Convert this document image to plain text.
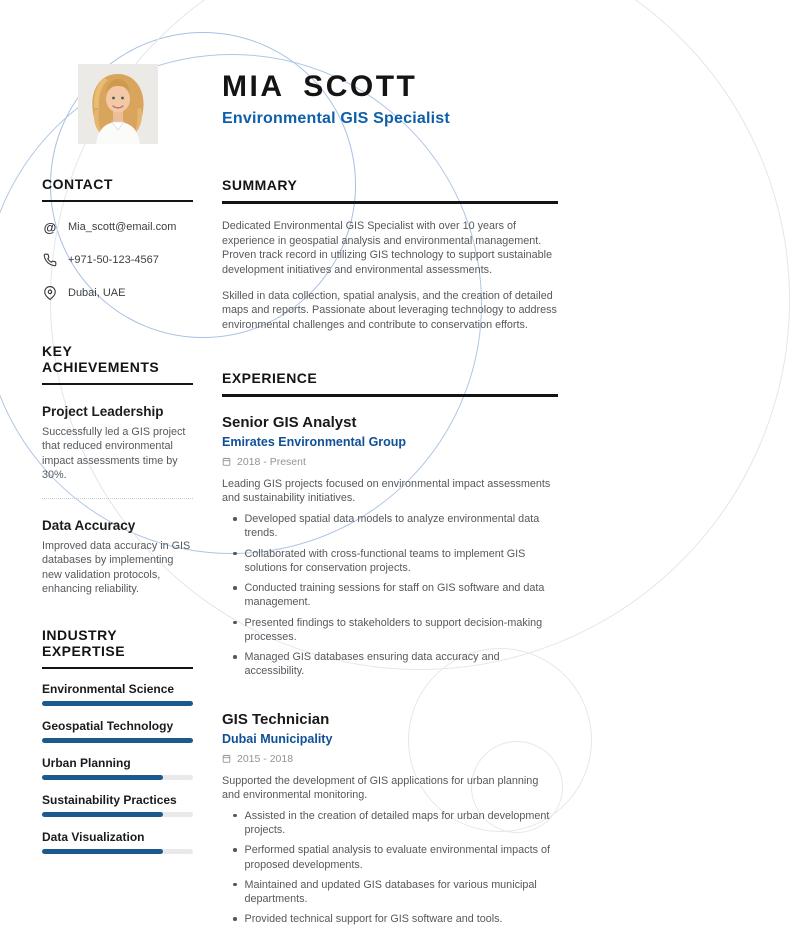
MIA SCOTT
Environmental GIS Specialist
CONTACT
@ Mia_scott@email.com
+971-50-123-4567
Dubai, UAE
KEY ACHIEVEMENTS
Project Leadership

Successfully led a GIS project that reduced environmental impact assessments time by 30%.

Data Accuracy

Improved data accuracy in GIS databases by implementing new validation protocols, enhancing reliability.

INDUSTRY EXPERTISE
Environmental Science
Geospatial Technology
Urban Planning
Sustainability Practices
Data Visualization
SUMMARY

Dedicated Environmental GIS Specialist with over 10 years of experience in geospatial analysis and environmental management. Proven track record in utilizing GIS technology to support sustainable development initiatives and environmental assessments.

Skilled in data collection, spatial analysis, and the creation of detailed maps and reports. Passionate about leveraging technology to address environmental challenges and contribute to conservation efforts.

EXPERIENCE
Senior GIS Analyst
Emirates Environmental Group
2018 - Present

Leading GIS projects focused on environmental impact assessments and sustainability initiatives.

Developed spatial data models to analyze environmental data trends.
Collaborated with cross-functional teams to implement GIS solutions for conservation projects.
Conducted training sessions for staff on GIS software and data management.
Presented findings to stakeholders to support decision-making processes.
Managed GIS databases ensuring data accuracy and accessibility.
GIS Technician
Dubai Municipality
2015 - 2018

Supported the development of GIS applications for urban planning and environmental monitoring.

Assisted in the creation of detailed maps for urban development projects.
Performed spatial analysis to evaluate environmental impacts of proposed developments.
Maintained and updated GIS databases for various municipal departments.
Provided technical support for GIS software and tools.
